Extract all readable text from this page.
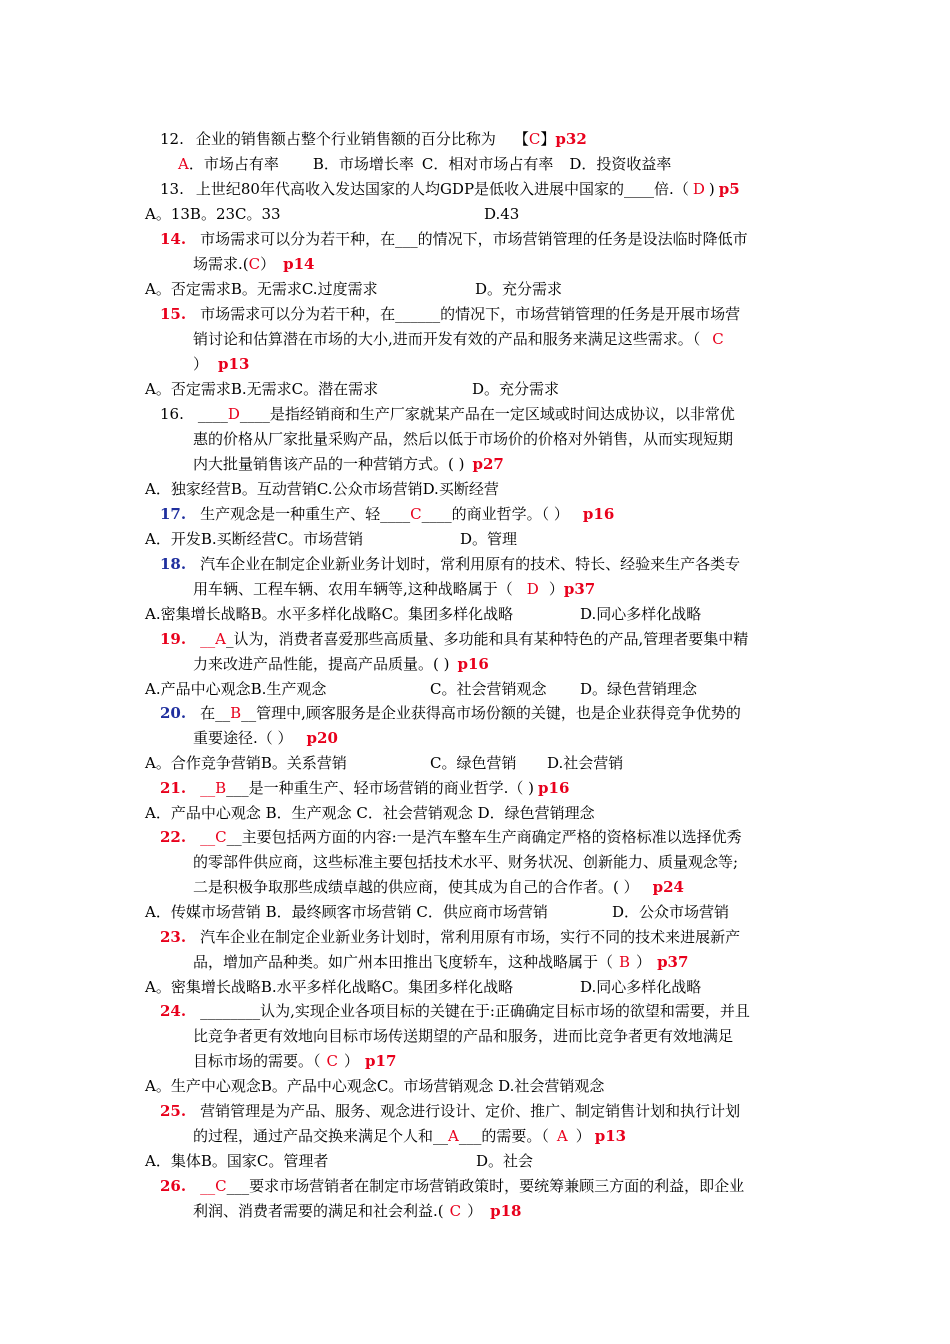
12. 企业的销售额占整个行业销售额的百分比称为 【C】p32
A．市场占有率 B．市场增长率 C．相对市场占有率 D．投资收益率
13. 上世纪80年代高收入发达国家的人均GDP是低收入进展中国家的____倍.（ D ) p5
A。13B。23C。33	D.43
14. 市场需求可以分为若干种，在___的情况下，市场营销管理的任务是设法临时降低市
场需求.(C） p14
A。否定需求B。无需求C.过度需求	D。充分需求
15. 市场需求可以分为若干种，在______的情况下，市场营销管理的任务是开展市场营
销讨论和估算潜在市场的大小,进而开发有效的产品和服务来满足这些需求。（ C
） p13
A。否定需求B.无需求C。潜在需求	D。充分需求
16. ____D____是指经销商和生产厂家就某产品在一定区域或时间达成协议，以非常优
惠的价格从厂家批量采购产品，然后以低于市场价的价格对外销售，从而实现短期
内大批量销售该产品的一种营销方式。( ) p27
A．独家经营B。互动营销C.公众市场营销D.买断经营
17. 生产观念是一种重生产、轻____C____的商业哲学。（ ） p16
A．开发B.买断经营C。市场营销	D。管理
18. 汽车企业在制定企业新业务计划时，常利用原有的技术、特长、经验来生产各类专
用车辆、工程车辆、农用车辆等,这种战略属于（ D ）p37
A.密集增长战略B。水平多样化战略C。集团多样化战略	D.同心多样化战略
19. __A_认为，消费者喜爱那些高质量、多功能和具有某种特色的产品,管理者要集中精
力来改进产品性能，提高产品质量。( ) p16
A.产品中心观念B.生产观念	C。社会营销观念 D。绿色营销理念
20. 在__B__管理中,顾客服务是企业获得高市场份额的关键，也是企业获得竞争优势的
重要途径.（ ） p20
A。合作竞争营销B。关系营销	C。绿色营销 D.社会营销
21. __B___是一种重生产、轻市场营销的商业哲学.（ ) p16
A．产品中心观念 B．生产观念 C．社会营销观念 D．绿色营销理念
22. __C__主要包括两方面的内容:一是汽车整车生产商确定严格的资格标准以选择优秀
的零部件供应商，这些标准主要包括技术水平、财务状况、创新能力、质量观念等;
二是积极争取那些成绩卓越的供应商，使其成为自己的合作者。( ） p24
A．传媒市场营销 B．最终顾客市场营销 C．供应商市场营销	D．公众市场营销
23. 汽车企业在制定企业新业务计划时，常利用原有市场，实行不同的技术来进展新产
品，增加产品种类。如广州本田推出飞度轿车，这种战略属于（ B ） p37
A。密集增长战略B.水平多样化战略C。集团多样化战略	D.同心多样化战略
24. ________认为,实现企业各项目标的关键在于:正确确定目标市场的欲望和需要，并且
比竞争者更有效地向目标市场传送期望的产品和服务，进而比竞争者更有效地满足
目标市场的需要。（ C ） p17
A。生产中心观念B。产品中心观念C。市场营销观念 D.社会营销观念
25. 营销管理是为产品、服务、观念进行设计、定价、推广、制定销售计划和执行计划
的过程，通过产品交换来满足个人和__A___的需要。（ A ） p13
A．集体B。国家C。管理者	D。社会
26. __C___要求市场营销者在制定市场营销政策时，要统筹兼顾三方面的利益，即企业
利润、消费者需要的满足和社会利益.( C ） p18
